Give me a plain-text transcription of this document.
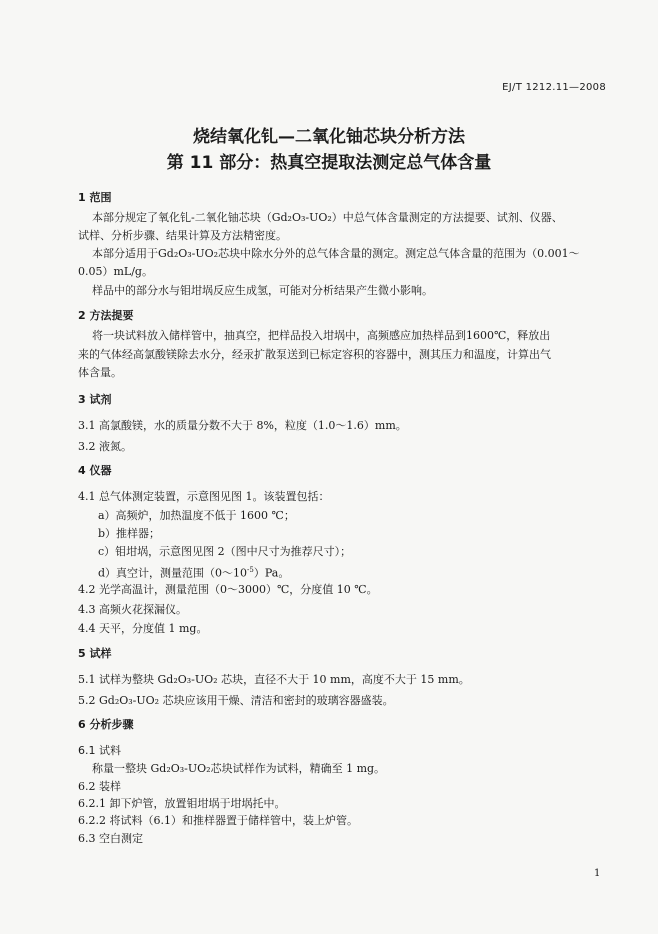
EJ/T 1212.11—2008
烧结氧化钆—二氧化铀芯块分析方法
第 11 部分：热真空提取法测定总气体含量
1 范围
本部分规定了氧化钆-二氧化铀芯块（Gd₂O₃-UO₂）中总气体含量测定的方法提要、试剂、仪器、
试样、分析步骤、结果计算及方法精密度。
本部分适用于Gd₂O₃-UO₂芯块中除水分外的总气体含量的测定。测定总气体含量的范围为（0.001～
0.05）mL/g。
样品中的部分水与钼坩埚反应生成氢，可能对分析结果产生微小影响。
2 方法提要
将一块试料放入储样管中，抽真空，把样品投入坩埚中，高频感应加热样品到1600℃，释放出
来的气体经高氯酸镁除去水分，经汞扩散泵送到已标定容积的容器中，测其压力和温度，计算出气
体含量。
3 试剂
3.1 高氯酸镁，水的质量分数不大于 8%，粒度（1.0～1.6）mm。
3.2 液氮。
4 仪器
4.1 总气体测定装置，示意图见图 1。该装置包括：
a）高频炉，加热温度不低于 1600 ℃；
b）推样器；
c）钼坩埚，示意图见图 2（图中尺寸为推荐尺寸）；
d）真空计，测量范围$(0\sim 10^{-5})Pa$。
4.2 光学高温计，测量范围（0～3000）℃，分度值 10 ℃。
4.3 高频火花探漏仪。
4.4 天平，分度值 1 mg。
5 试样
5.1 试样为整块 Gd₂O₃-UO₂ 芯块，直径不大于 10 mm，高度不大于 15 mm。
5.2 Gd₂O₃-UO₂ 芯块应该用干燥、清洁和密封的玻璃容器盛装。
6 分析步骤
6.1 试料
称量一整块 Gd₂O₃-UO₂芯块试样作为试料，精确至 1 mg。
6.2 装样
6.2.1 卸下炉管，放置钼坩埚于坩埚托中。
6.2.2 将试料（6.1）和推样器置于储样管中，装上炉管。
6.3 空白测定
1
